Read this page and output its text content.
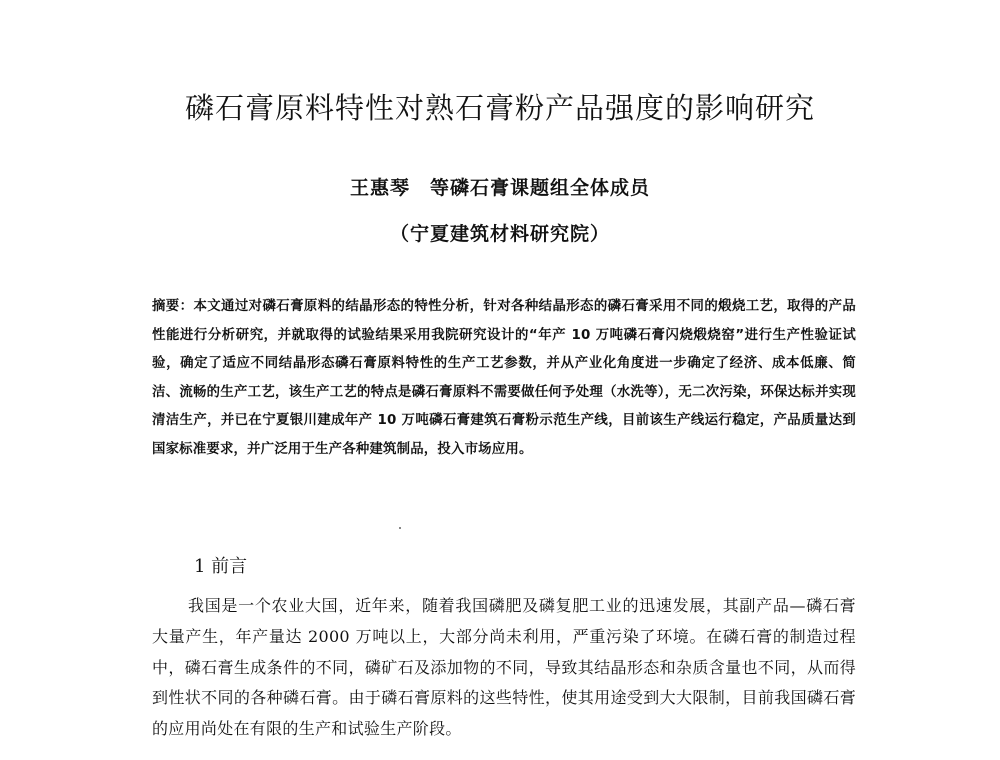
磷石膏原料特性对熟石膏粉产品强度的影响研究
王惠琴　等磷石膏课题组全体成员
（宁夏建筑材料研究院）
摘要：本文通过对磷石膏原料的结晶形态的特性分析，针对各种结晶形态的磷石膏采用不同的煅烧工艺，取得的产品性能进行分析研究，并就取得的试验结果采用我院研究设计的“年产 10 万吨磷石膏闪烧煅烧窑”进行生产性验证试验，确定了适应不同结晶形态磷石膏原料特性的生产工艺参数，并从产业化角度进一步确定了经济、成本低廉、简洁、流畅的生产工艺，该生产工艺的特点是磷石膏原料不需要做任何予处理（水洗等），无二次污染，环保达标并实现清洁生产，并已在宁夏银川建成年产 10 万吨磷石膏建筑石膏粉示范生产线，目前该生产线运行稳定，产品质量达到国家标准要求，并广泛用于生产各种建筑制品，投入市场应用。
1 前言

我国是一个农业大国，近年来，随着我国磷肥及磷复肥工业的迅速发展，其副产品—磷石膏大量产生，年产量达 2000 万吨以上，大部分尚未利用，严重污染了环境。在磷石膏的制造过程中，磷石膏生成条件的不同，磷矿石及添加物的不同，导致其结晶形态和杂质含量也不同，从而得到性状不同的各种磷石膏。由于磷石膏原料的这些特性，使其用途受到大大限制，目前我国磷石膏的应用尚处在有限的生产和试验生产阶段。
